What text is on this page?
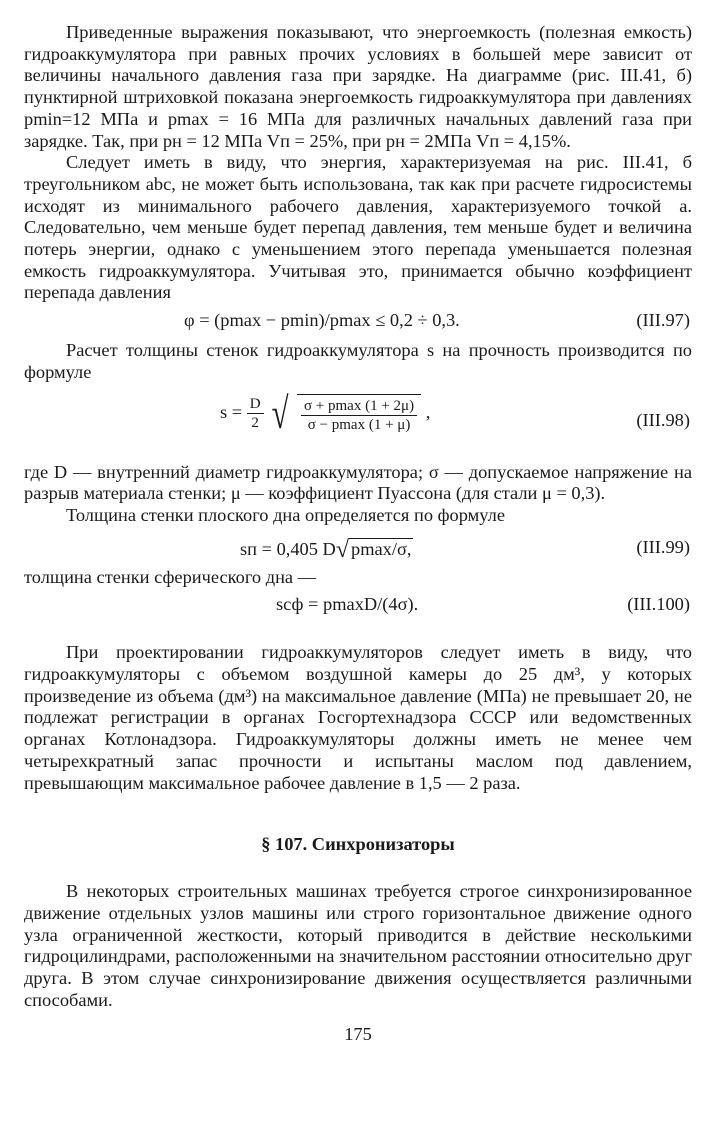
Приведенные выражения показывают, что энергоемкость (полезная емкость) гидроаккумулятора при равных прочих условиях в большей мере зависит от величины начального давления газа при зарядке. На диаграмме (рис. III.41, б) пунктирной штриховкой показана энергоемкость гидроаккумулятора при давлениях pmin=12 МПа и pmax = 16 МПа для различных начальных давлений газа при зарядке. Так, при pн = 12 МПа Vп = 25%, при pн = 2МПа Vп = 4,15%.

Следует иметь в виду, что энергия, характеризуемая на рис. III.41, б треугольником abc, не может быть использована, так как при расчете гидросистемы исходят из минимального рабочего давления, характеризуемого точкой a. Следовательно, чем меньше будет перепад давления, тем меньше будет и величина потерь энергии, однако с уменьшением этого перепада уменьшается полезная емкость гидроаккумулятора. Учитывая это, принимается обычно коэффициент перепада давления

φ = (pmax − pmin)/pmax ≤ 0,2 ÷ 0,3.	(III.97)

Расчет толщины стенок гидроаккумулятора s на прочность производится по формуле

$s = \frac{D}{2}$ √ $\frac{\sigma + pmax (1 + 2\mu)}{\sigma - pmax (1 + \mu)}$ ,	(III.98)

где D — внутренний диаметр гидроаккумулятора; σ — допускаемое напряжение на разрыв материала стенки; μ — коэффициент Пуассона (для стали μ = 0,3).

Толщина стенки плоского дна определяется по формуле

sп = 0,405 D√ pmax/σ,	(III.99)

толщина стенки сферического дна —

sсф = pmaxD/(4σ).	(III.100)

При проектировании гидроаккумуляторов следует иметь в виду, что гидроаккумуляторы с объемом воздушной камеры до 25 дм³, у которых произведение из объема (дм³) на максимальное давление (МПа) не превышает 20, не подлежат регистрации в органах Госгортехнадзора СССР или ведомственных органах Котлонадзора. Гидроаккумуляторы должны иметь не менее чем четырехкратный запас прочности и испытаны маслом под давлением, превышающим максимальное рабочее давление в 1,5 — 2 раза.

§ 107. Синхронизаторы

В некоторых строительных машинах требуется строгое синхронизированное движение отдельных узлов машины или строго горизонтальное движение одного узла ограниченной жесткости, который приводится в действие несколькими гидроцилиндрами, расположенными на значительном расстоянии относительно друг друга. В этом случае синхронизирование движения осуществляется различными способами.

175
